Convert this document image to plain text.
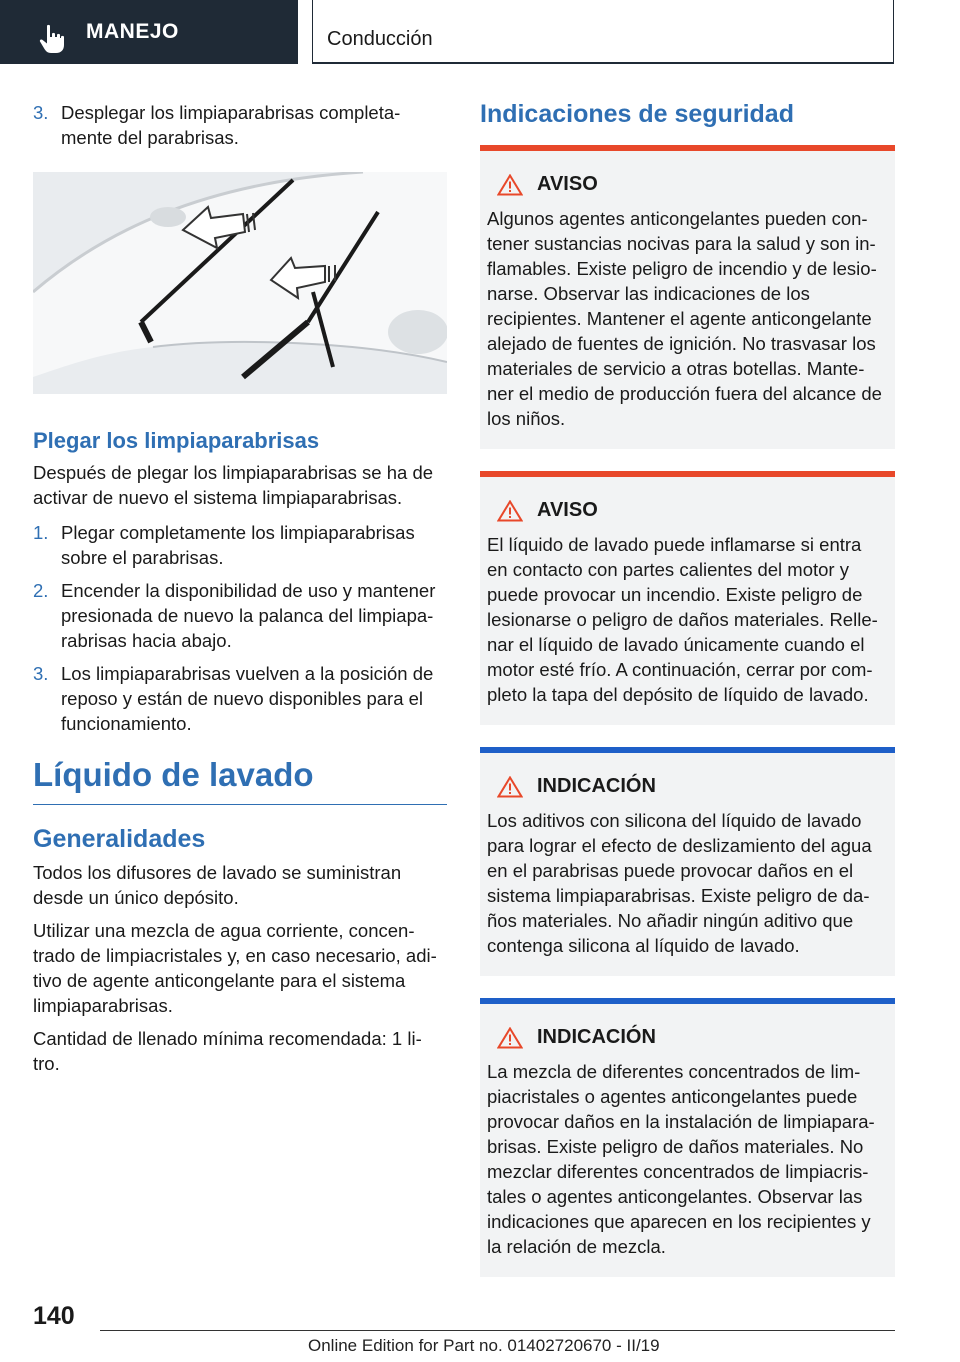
MANEJO	Conducción
3. Desplegar los limpiaparabrisas completa-mente del parabrisas.
Plegar los limpiaparabrisas

Después de plegar los limpiaparabrisas se ha de activar de nuevo el sistema limpiaparabrisas.

1. Plegar completamente los limpiaparabrisas sobre el parabrisas.
2. Encender la disponibilidad de uso y mantener presionada de nuevo la palanca del limpiapa-rabrisas hacia abajo.
3. Los limpiaparabrisas vuelven a la posición de reposo y están de nuevo disponibles para el funcionamiento.
Líquido de lavado
Generalidades

Todos los difusores de lavado se suministran desde un único depósito.

Utilizar una mezcla de agua corriente, concen-trado de limpiacristales y, en caso necesario, adi-tivo de agente anticongelante para el sistema limpiaparabrisas.

Cantidad de llenado mínima recomendada: 1 li-tro.

Indicaciones de seguridad
AVISO

Algunos agentes anticongelantes pueden con-tener sustancias nocivas para la salud y son in-flamables. Existe peligro de incendio y de lesio-narse. Observar las indicaciones de los recipientes. Mantener el agente anticongelante alejado de fuentes de ignición. No trasvasar los materiales de servicio a otras botellas. Mante-ner el medio de producción fuera del alcance de los niños.

AVISO

El líquido de lavado puede inflamarse si entra en contacto con partes calientes del motor y puede provocar un incendio. Existe peligro de lesionarse o peligro de daños materiales. Relle-nar el líquido de lavado únicamente cuando el motor esté frío. A continuación, cerrar por com-pleto la tapa del depósito de líquido de lavado.

INDICACIÓN

Los aditivos con silicona del líquido de lavado para lograr el efecto de deslizamiento del agua en el parabrisas puede provocar daños en el sistema limpiaparabrisas. Existe peligro de da-ños materiales. No añadir ningún aditivo que contenga silicona al líquido de lavado.

INDICACIÓN

La mezcla de diferentes concentrados de lim-piacristales o agentes anticongelantes puede provocar daños en la instalación de limpiapara-brisas. Existe peligro de daños materiales. No mezclar diferentes concentrados de limpiacris-tales o agentes anticongelantes. Observar las indicaciones que aparecen en los recipientes y la relación de mezcla.

140
Online Edition for Part no. 01402720670 - II/19
